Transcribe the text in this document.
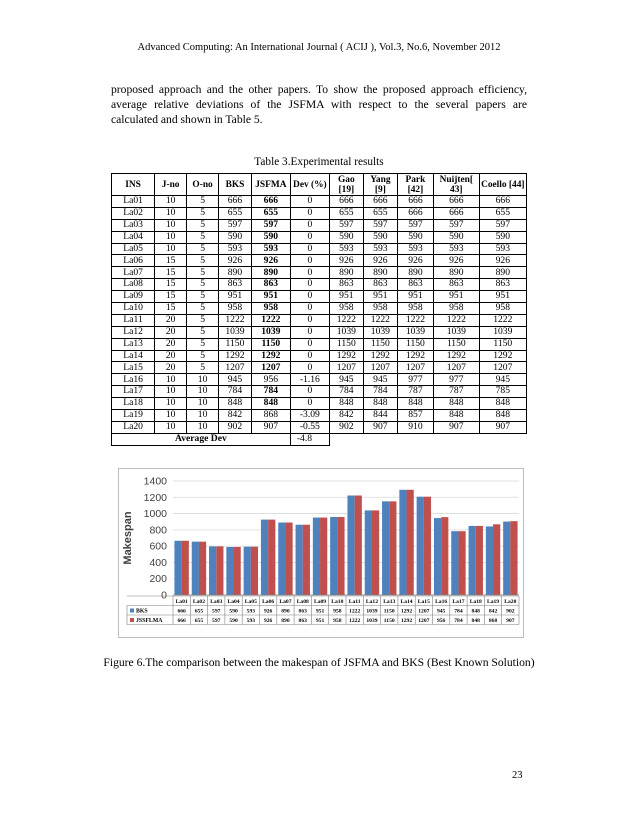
Advanced Computing: An International Journal ( ACIJ ), Vol.3, No.6, November 2012
proposed approach and the other papers. To show the proposed approach efficiency, average relative deviations of the JSFMA with respect to the several papers are calculated and shown in Table 5.
Table 3.Experimental results
INS	J-no	O-no	BKS	JSFMA	Dev (%)	Gao [19]	Yang [9]	Park [42]	Nuijten[ 43]	Coello [44]
La01	10	5	666	666	0	666	666	666	666	666
La02	10	5	655	655	0	655	655	666	666	655
La03	10	5	597	597	0	597	597	597	597	597
La04	10	5	590	590	0	590	590	590	590	590
La05	10	5	593	593	0	593	593	593	593	593
La06	15	5	926	926	0	926	926	926	926	926
La07	15	5	890	890	0	890	890	890	890	890
La08	15	5	863	863	0	863	863	863	863	863
La09	15	5	951	951	0	951	951	951	951	951
La10	15	5	958	958	0	958	958	958	958	958
La11	20	5	1222	1222	0	1222	1222	1222	1222	1222
La12	20	5	1039	1039	0	1039	1039	1039	1039	1039
La13	20	5	1150	1150	0	1150	1150	1150	1150	1150
La14	20	5	1292	1292	0	1292	1292	1292	1292	1292
La15	20	5	1207	1207	0	1207	1207	1207	1207	1207
La16	10	10	945	956	-1.16	945	945	977	977	945
La17	10	10	784	784	0	784	784	787	787	785
La18	10	10	848	848	0	848	848	848	848	848
La19	10	10	842	868	-3.09	842	844	857	848	848
La20	10	10	902	907	-0.55	902	907	910	907	907
Average Dev					-4.8					
0
200
400
600
800
1000
1200
1400
Makespan
La01
666
666
La02
655
655
La03
597
597
La04
590
590
La05
593
593
La06
926
926
La07
890
890
La08
863
863
La09
951
951
La10
958
958
La11
1222
1222
La12
1039
1039
La13
1150
1150
La14
1292
1292
La15
1207
1207
La16
945
956
La17
784
784
La18
848
848
La19
842
868
La20
902
907
BKS
JSSFLMA
Figure 6.The comparison between the makespan of JSFMA and BKS (Best Known Solution)
23
